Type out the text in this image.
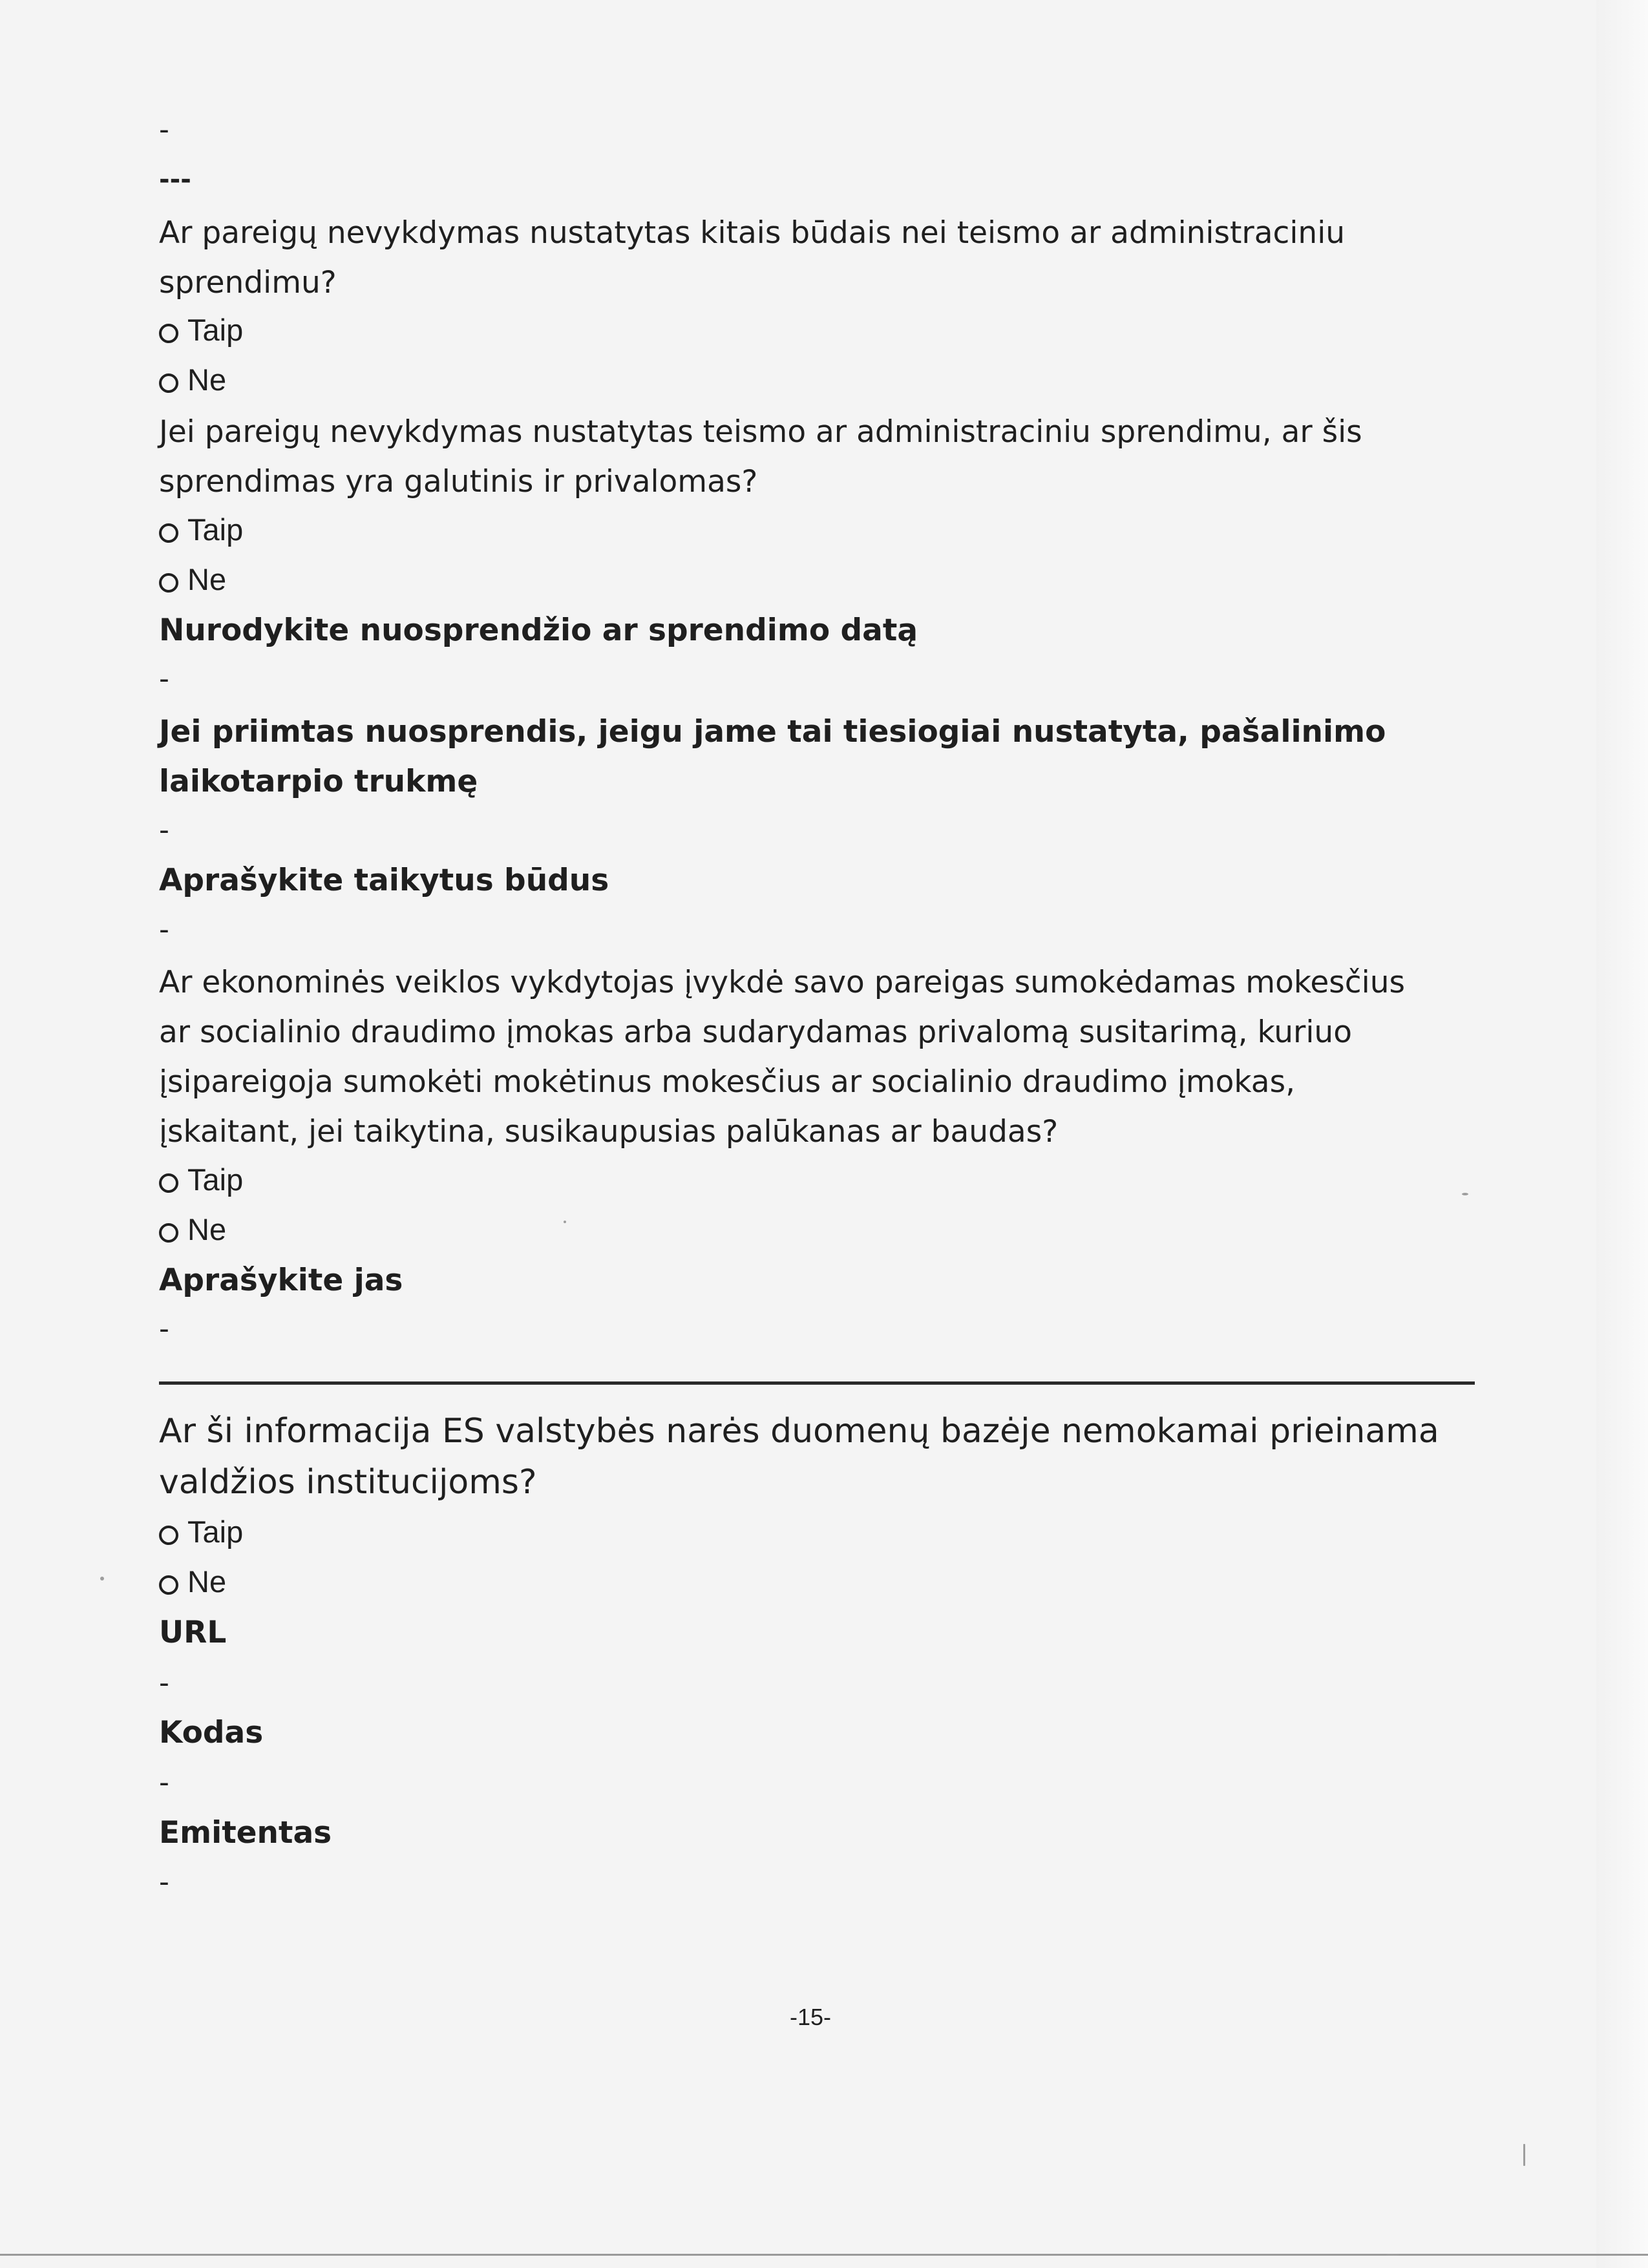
-

---

Ar pareigų nevykdymas nustatytas kitais būdais nei teismo ar administraciniu

sprendimu?

Taip
Ne

Jei pareigų nevykdymas nustatytas teismo ar administraciniu sprendimu, ar šis

sprendimas yra galutinis ir privalomas?

Taip
Ne

Nurodykite nuosprendžio ar sprendimo datą

-

Jei priimtas nuosprendis, jeigu jame tai tiesiogiai nustatyta, pašalinimo

laikotarpio trukmę

-

Aprašykite taikytus būdus

-

Ar ekonominės veiklos vykdytojas įvykdė savo pareigas sumokėdamas mokesčius

ar socialinio draudimo įmokas arba sudarydamas privalomą susitarimą, kuriuo

įsipareigoja sumokėti mokėtinus mokesčius ar socialinio draudimo įmokas,

įskaitant, jei taikytina, susikaupusias palūkanas ar baudas?

Taip
Ne

Aprašykite jas

-

Ar ši informacija ES valstybės narės duomenų bazėje nemokamai prieinama

valdžios institucijoms?

Taip
Ne

URL

-

Kodas

-

Emitentas

-

-15-
